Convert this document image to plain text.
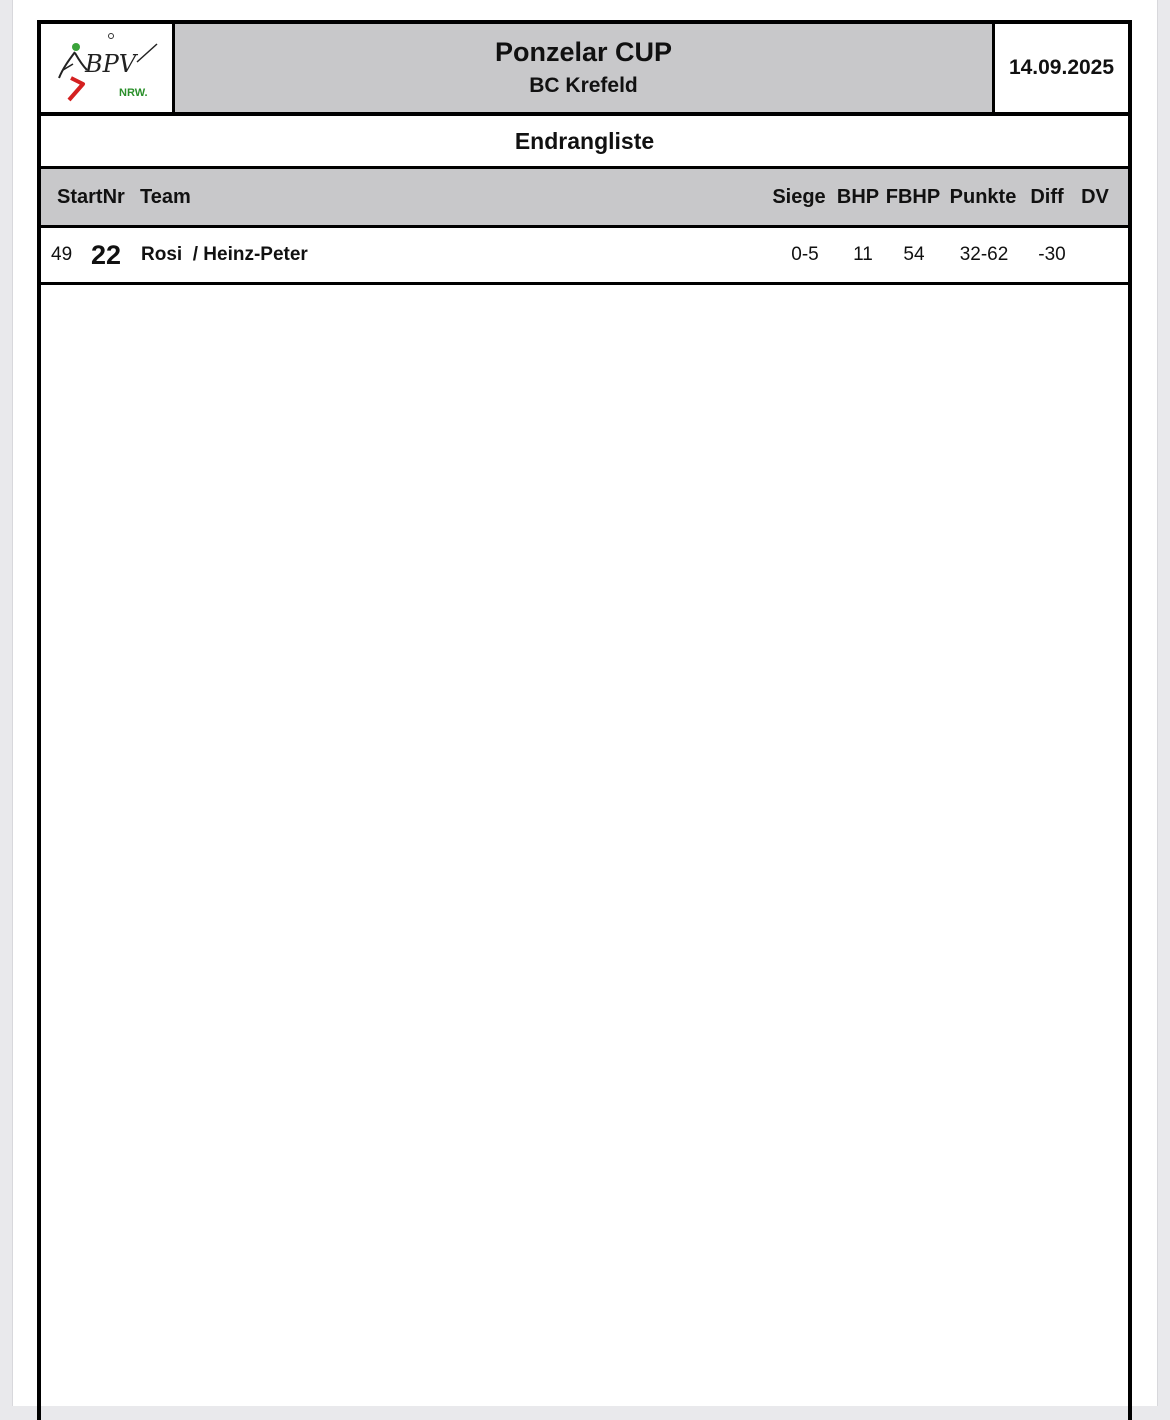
BPV
NRW.
Ponzelar CUP
BC Krefeld
14.09.2025
Endrangliste
StartNr Team	Siege BHP FBHP Punkte Diff DV
49 22 Rosi  / Heinz-Peter	0-5	11	54	32-62	-30
